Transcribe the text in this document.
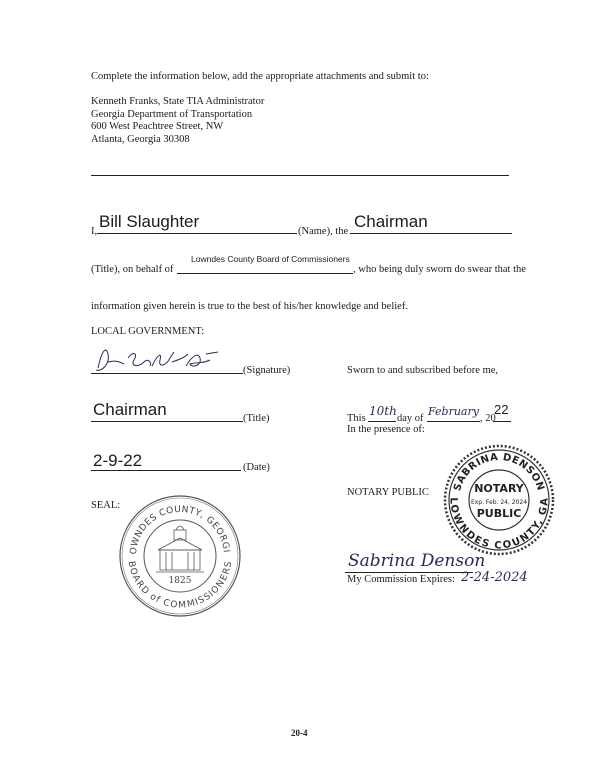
Complete the information below, add the appropriate attachments and submit to:
Kenneth Franks, State TIA Administrator
Georgia Department of Transportation
600 West Peachtree Street, NW
Atlanta, Georgia 30308
I,
Bill Slaughter
(Name), the
Chairman
(Title), on behalf of
Lowndes County Board of Commissioners
, who being duly sworn do swear that the
information given herein is true to the best of his/her knowledge and belief.
LOCAL GOVERNMENT:
(Signature)
Chairman	(Title)
2-9-22	(Date)
SEAL:
LOWNDES COUNTY, GEORGIA
BOARD of COMMISSIONERS
1825
Sworn to and subscribed before me,
This
10th
day of
February
, 20
22
In the presence of:
NOTARY PUBLIC SABRINA DENSON
LOWNDES COUNTY, GA
NOTARY
Exp. Feb. 24, 2024
PUBLIC
Sabrina Denson
My Commission Expires: 2-24-2024
20-4
